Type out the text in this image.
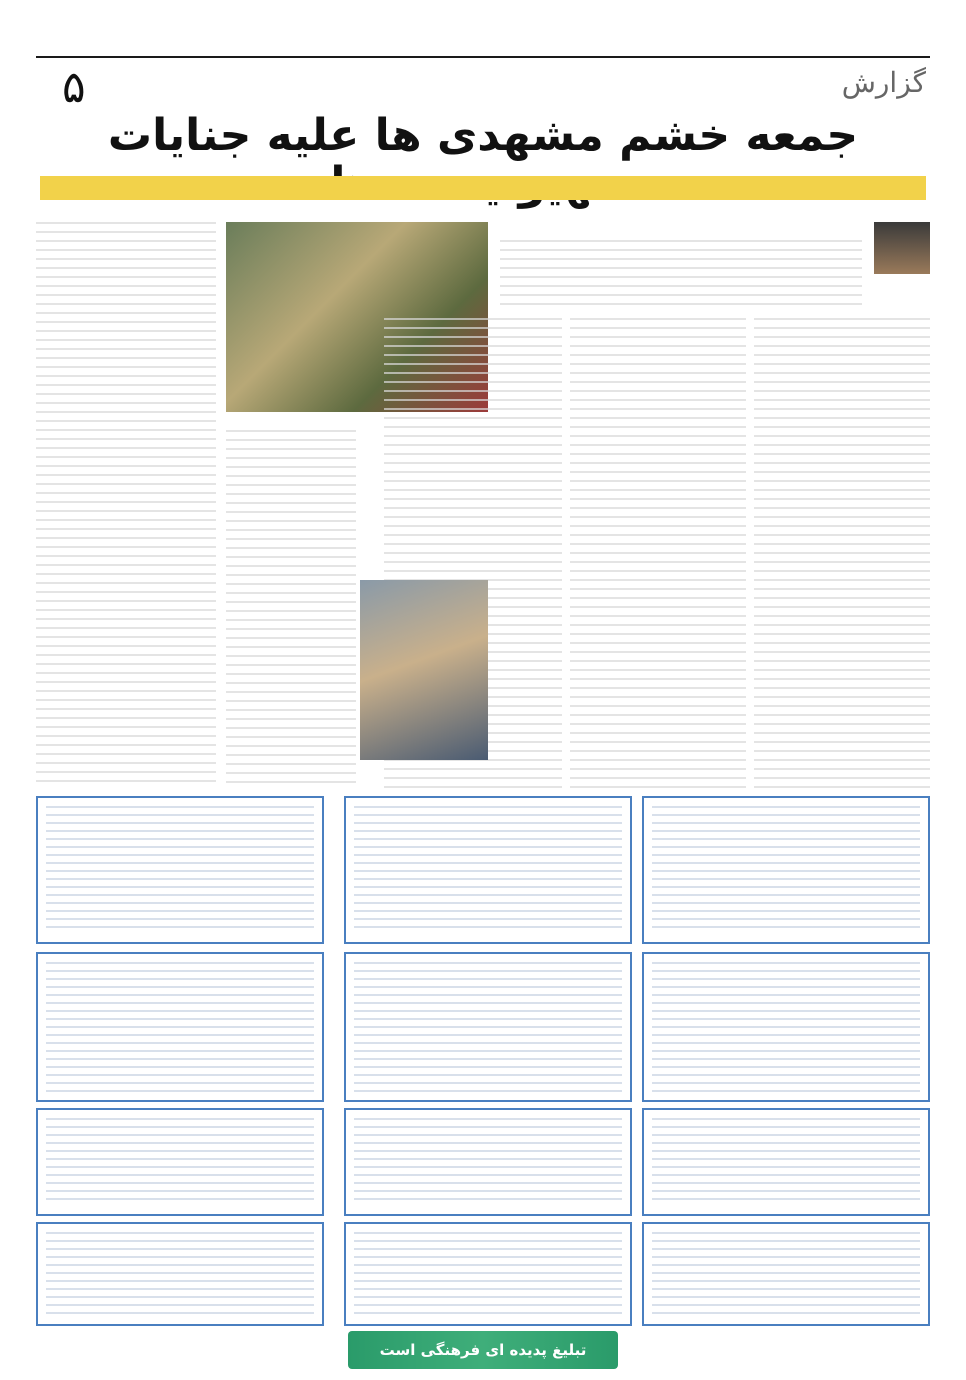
۵	گزارش
جمعه خشم مشهدی ها علیه جنایات
تبلیغ پدیده ای فرهنگی است
